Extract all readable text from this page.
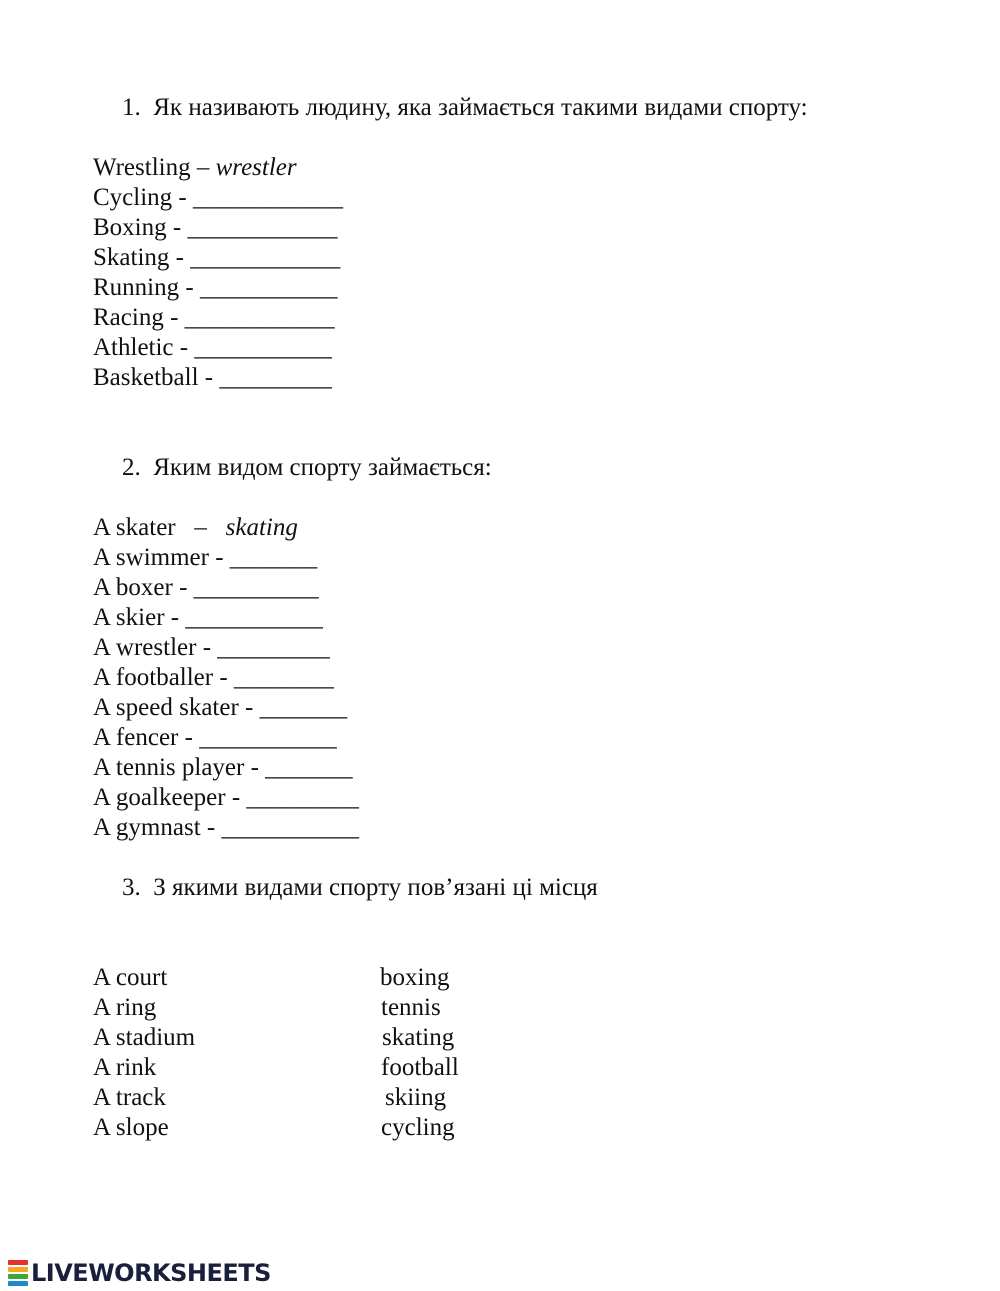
1.  Як називають людину, яка займається такими видами спорту:
Wrestling – wrestler
Cycling - ____________
Boxing - ____________
Skating - ____________
Running - ___________
Racing - ____________
Athletic - ___________
Basketball - _________
2.  Яким видом спорту займається:
A skater   –   skating
A swimmer - _______
A boxer - __________
A skier - ___________
A wrestler - _________
A footballer - ________
A speed skater - _______
A fencer - ___________
A tennis player - _______
A goalkeeper - _________
A gymnast - ___________
3.  З якими видами спорту пов’язані ці місця
A court
A ring
A stadium
A rink
A track
A slope
boxing
tennis
skating
football
skiing
cycling
LIVEWORKSHEETS
